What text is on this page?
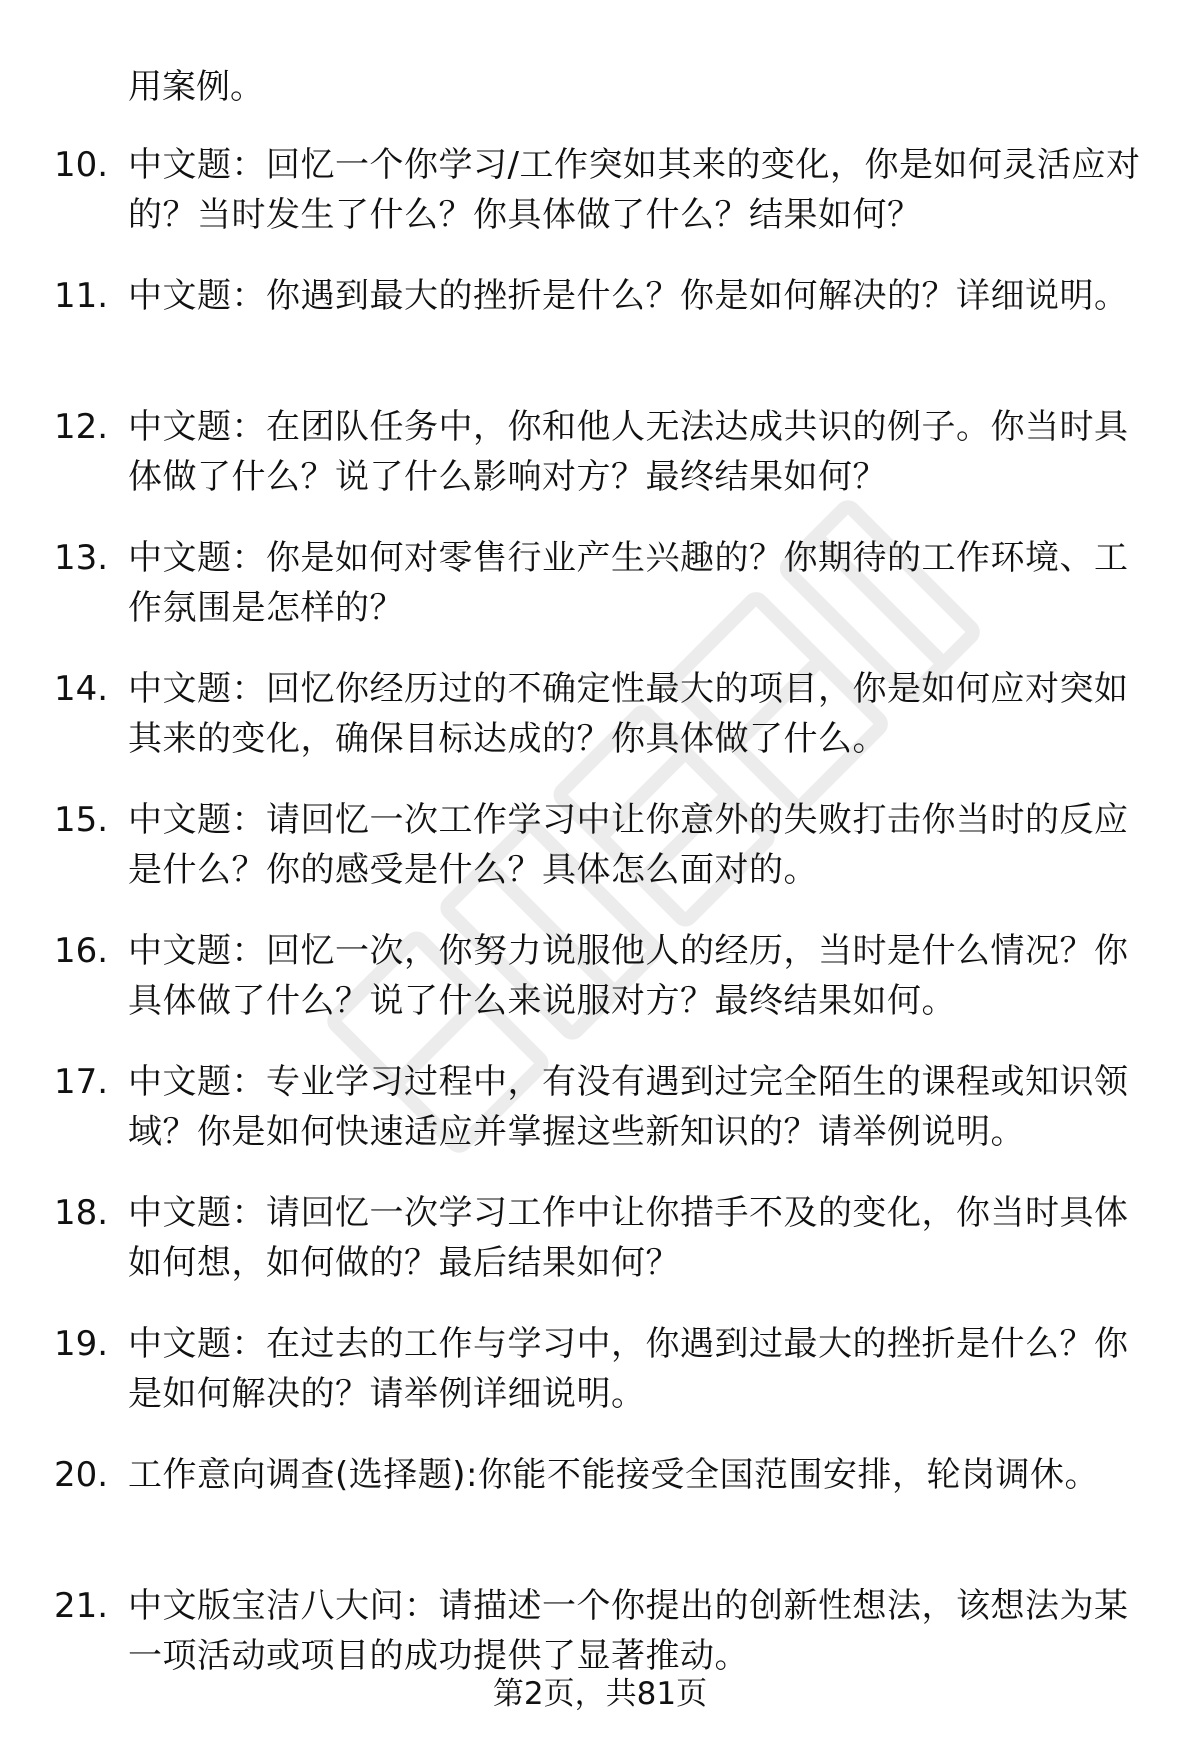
用案例。
10. 中文题：回忆一个你学习/工作突如其来的变化，你是如何灵活应对的？当时发生了什么？你具体做了什么？结果如何？
11. 中文题：你遇到最大的挫折是什么？你是如何解决的？详细说明。
12. 中文题：在团队任务中，你和他人无法达成共识的例子。你当时具体做了什么？说了什么影响对方？最终结果如何？
13. 中文题：你是如何对零售行业产生兴趣的？你期待的工作环境、工作氛围是怎样的？
14. 中文题：回忆你经历过的不确定性最大的项目，你是如何应对突如其来的变化，确保目标达成的？你具体做了什么。
15. 中文题：请回忆一次工作学习中让你意外的失败打击你当时的反应是什么？你的感受是什么？具体怎么面对的。
16. 中文题：回忆一次，你努力说服他人的经历，当时是什么情况？你具体做了什么？说了什么来说服对方？最终结果如何。
17. 中文题：专业学习过程中，有没有遇到过完全陌生的课程或知识领域？你是如何快速适应并掌握这些新知识的？请举例说明。
18. 中文题：请回忆一次学习工作中让你措手不及的变化，你当时具体如何想，如何做的？最后结果如何？
19. 中文题：在过去的工作与学习中，你遇到过最大的挫折是什么？你是如何解决的？请举例详细说明。
20. 工作意向调查(选择题):你能不能接受全国范围安排，轮岗调休。
21. 中文版宝洁八大问：请描述一个你提出的创新性想法，该想法为某一项活动或项目的成功提供了显著推动。
第2页，共81页
